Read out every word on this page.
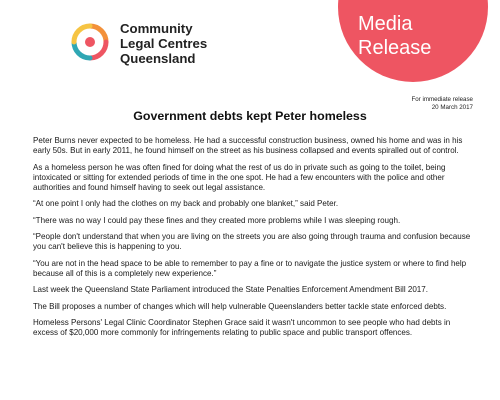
Community
Legal Centres
Queensland
Media
Release
For immediate release
20 March 2017
Government debts kept Peter homeless

Peter Burns never expected to be homeless. He had a successful construction business, owned his home and was in his early 50s. But in early 2011, he found himself on the street as his business collapsed and events spiralled out of control.

As a homeless person he was often fined for doing what the rest of us do in private such as going to the toilet, being intoxicated or sitting for extended periods of time in the one spot. He had a few encounters with the police and other authorities and found himself having to seek out legal assistance.

“At one point I only had the clothes on my back and probably one blanket,” said Peter.

“There was no way I could pay these fines and they created more problems while I was sleeping rough.

“People don't understand that when you are living on the streets you are also going through trauma and confusion because you can't believe this is happening to you.

“You are not in the head space to be able to remember to pay a fine or to navigate the justice system or where to find help because all of this is a completely new experience.”

Last week the Queensland State Parliament introduced the State Penalties Enforcement Amendment Bill 2017.

The Bill proposes a number of changes which will help vulnerable Queenslanders better tackle state enforced debts.

Homeless Persons' Legal Clinic Coordinator Stephen Grace said it wasn't uncommon to see people who had debts in excess of $20,000 more commonly for infringements relating to public space and public transport offences.
